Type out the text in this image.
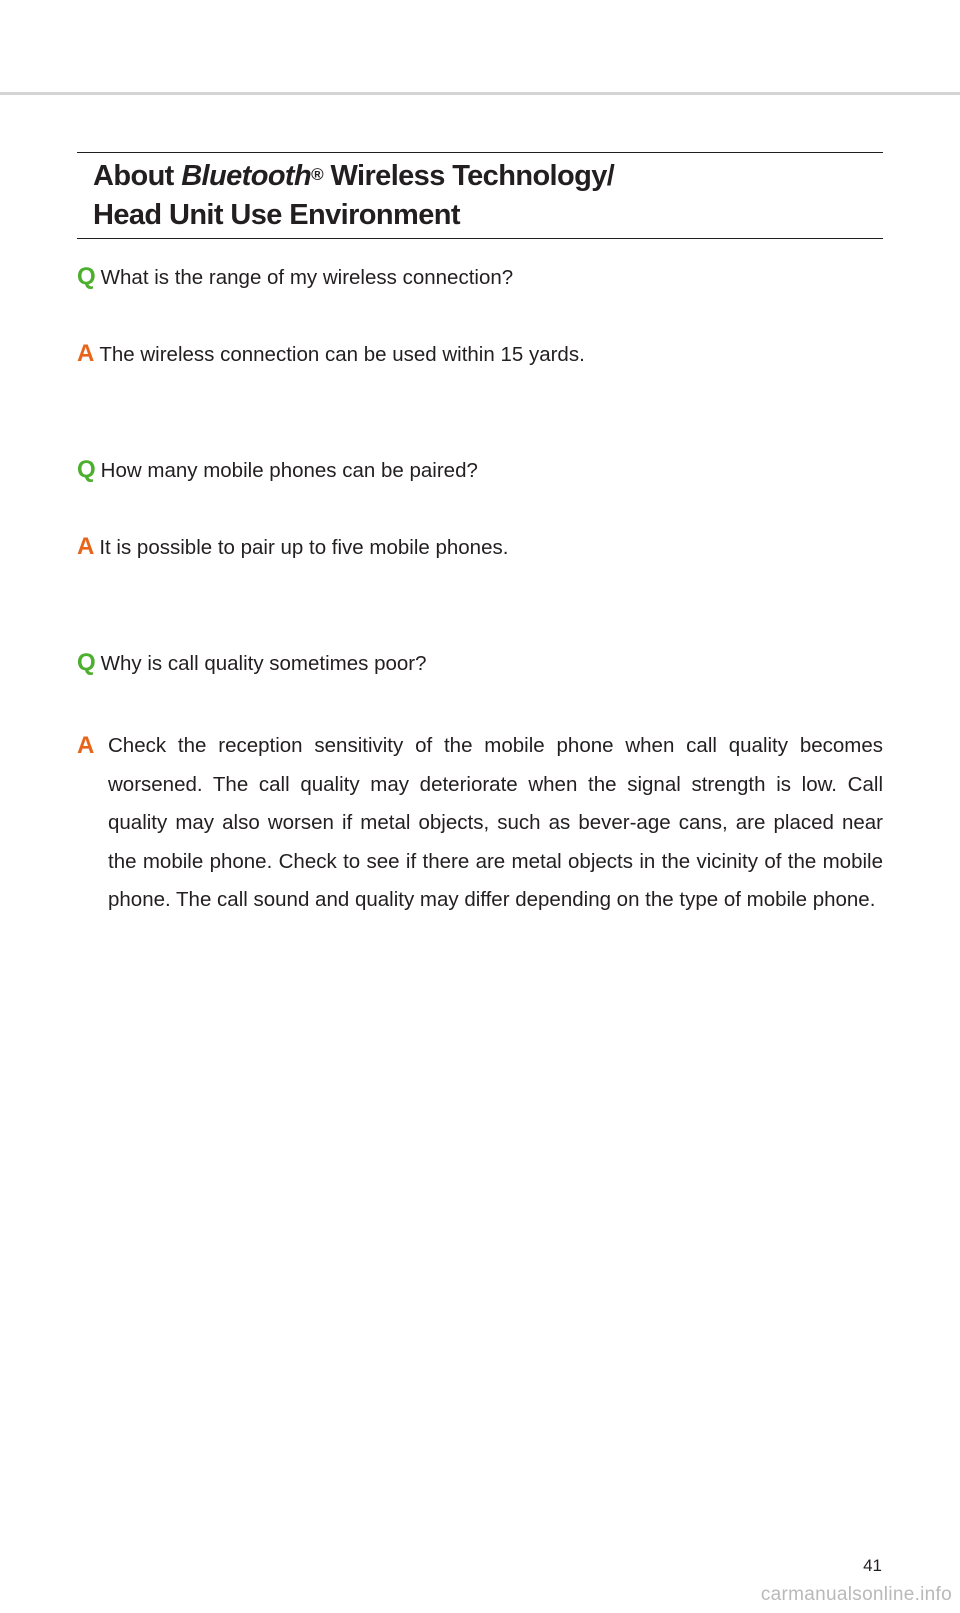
About Bluetooth® Wireless Technology/
Head Unit Use Environment
Q What is the range of my wireless connection?
A The wireless connection can be used within 15 yards.
Q How many mobile phones can be paired?
A It is possible to pair up to five mobile phones.
Q Why is call quality sometimes poor?
A Check the reception sensitivity of the mobile phone when call quality becomes worsened. The call quality may deteriorate when the signal strength is low. Call quality may also worsen if metal objects, such as bever-age cans, are placed near the mobile phone. Check to see if there are metal objects in the vicinity of the mobile phone. The call sound and quality may differ depending on the type of mobile phone.

41
carmanualsonline.info
